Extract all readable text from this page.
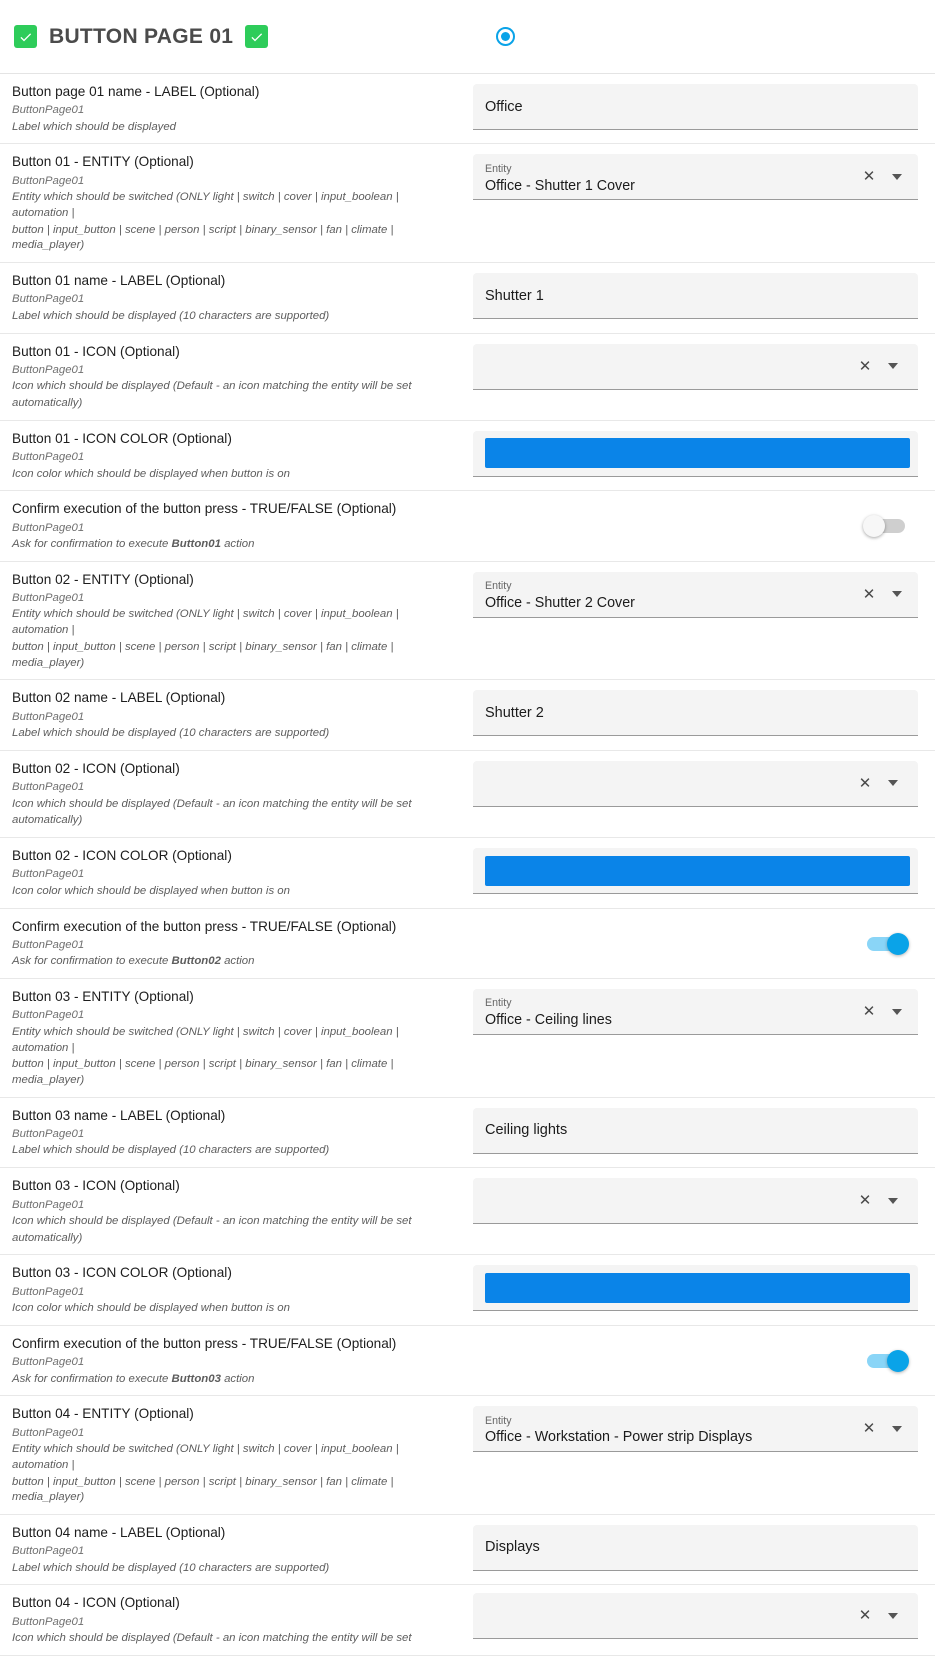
BUTTON PAGE 01
Button page 01 name - LABEL (Optional)
ButtonPage01
Label which should be displayed
Office
Button 01 - ENTITY (Optional)
ButtonPage01
Entity which should be switched (ONLY light | switch | cover | input_boolean | automation |
button | input_button | scene | person | script | binary_sensor | fan | climate | media_player)
Entity
Office - Shutter 1 Cover
✕
Button 01 name - LABEL (Optional)
ButtonPage01
Label which should be displayed (10 characters are supported)
Shutter 1
Button 01 - ICON (Optional)
ButtonPage01
Icon which should be displayed (Default - an icon matching the entity will be set
automatically)
✕
Button 01 - ICON COLOR (Optional)
ButtonPage01
Icon color which should be displayed when button is on
Confirm execution of the button press - TRUE/FALSE (Optional)
ButtonPage01
Ask for confirmation to execute Button01 action
Button 02 - ENTITY (Optional)
ButtonPage01
Entity which should be switched (ONLY light | switch | cover | input_boolean | automation |
button | input_button | scene | person | script | binary_sensor | fan | climate | media_player)
Entity
Office - Shutter 2 Cover
✕
Button 02 name - LABEL (Optional)
ButtonPage01
Label which should be displayed (10 characters are supported)
Shutter 2
Button 02 - ICON (Optional)
ButtonPage01
Icon which should be displayed (Default - an icon matching the entity will be set
automatically)
✕
Button 02 - ICON COLOR (Optional)
ButtonPage01
Icon color which should be displayed when button is on
Confirm execution of the button press - TRUE/FALSE (Optional)
ButtonPage01
Ask for confirmation to execute Button02 action
Button 03 - ENTITY (Optional)
ButtonPage01
Entity which should be switched (ONLY light | switch | cover | input_boolean | automation |
button | input_button | scene | person | script | binary_sensor | fan | climate | media_player)
Entity
Office - Ceiling lines
✕
Button 03 name - LABEL (Optional)
ButtonPage01
Label which should be displayed (10 characters are supported)
Ceiling lights
Button 03 - ICON (Optional)
ButtonPage01
Icon which should be displayed (Default - an icon matching the entity will be set
automatically)
✕
Button 03 - ICON COLOR (Optional)
ButtonPage01
Icon color which should be displayed when button is on
Confirm execution of the button press - TRUE/FALSE (Optional)
ButtonPage01
Ask for confirmation to execute Button03 action
Button 04 - ENTITY (Optional)
ButtonPage01
Entity which should be switched (ONLY light | switch | cover | input_boolean | automation |
button | input_button | scene | person | script | binary_sensor | fan | climate | media_player)
Entity
Office - Workstation - Power strip Displays
✕
Button 04 name - LABEL (Optional)
ButtonPage01
Label which should be displayed (10 characters are supported)
Displays
Button 04 - ICON (Optional)
ButtonPage01
Icon which should be displayed (Default - an icon matching the entity will be set
✕
